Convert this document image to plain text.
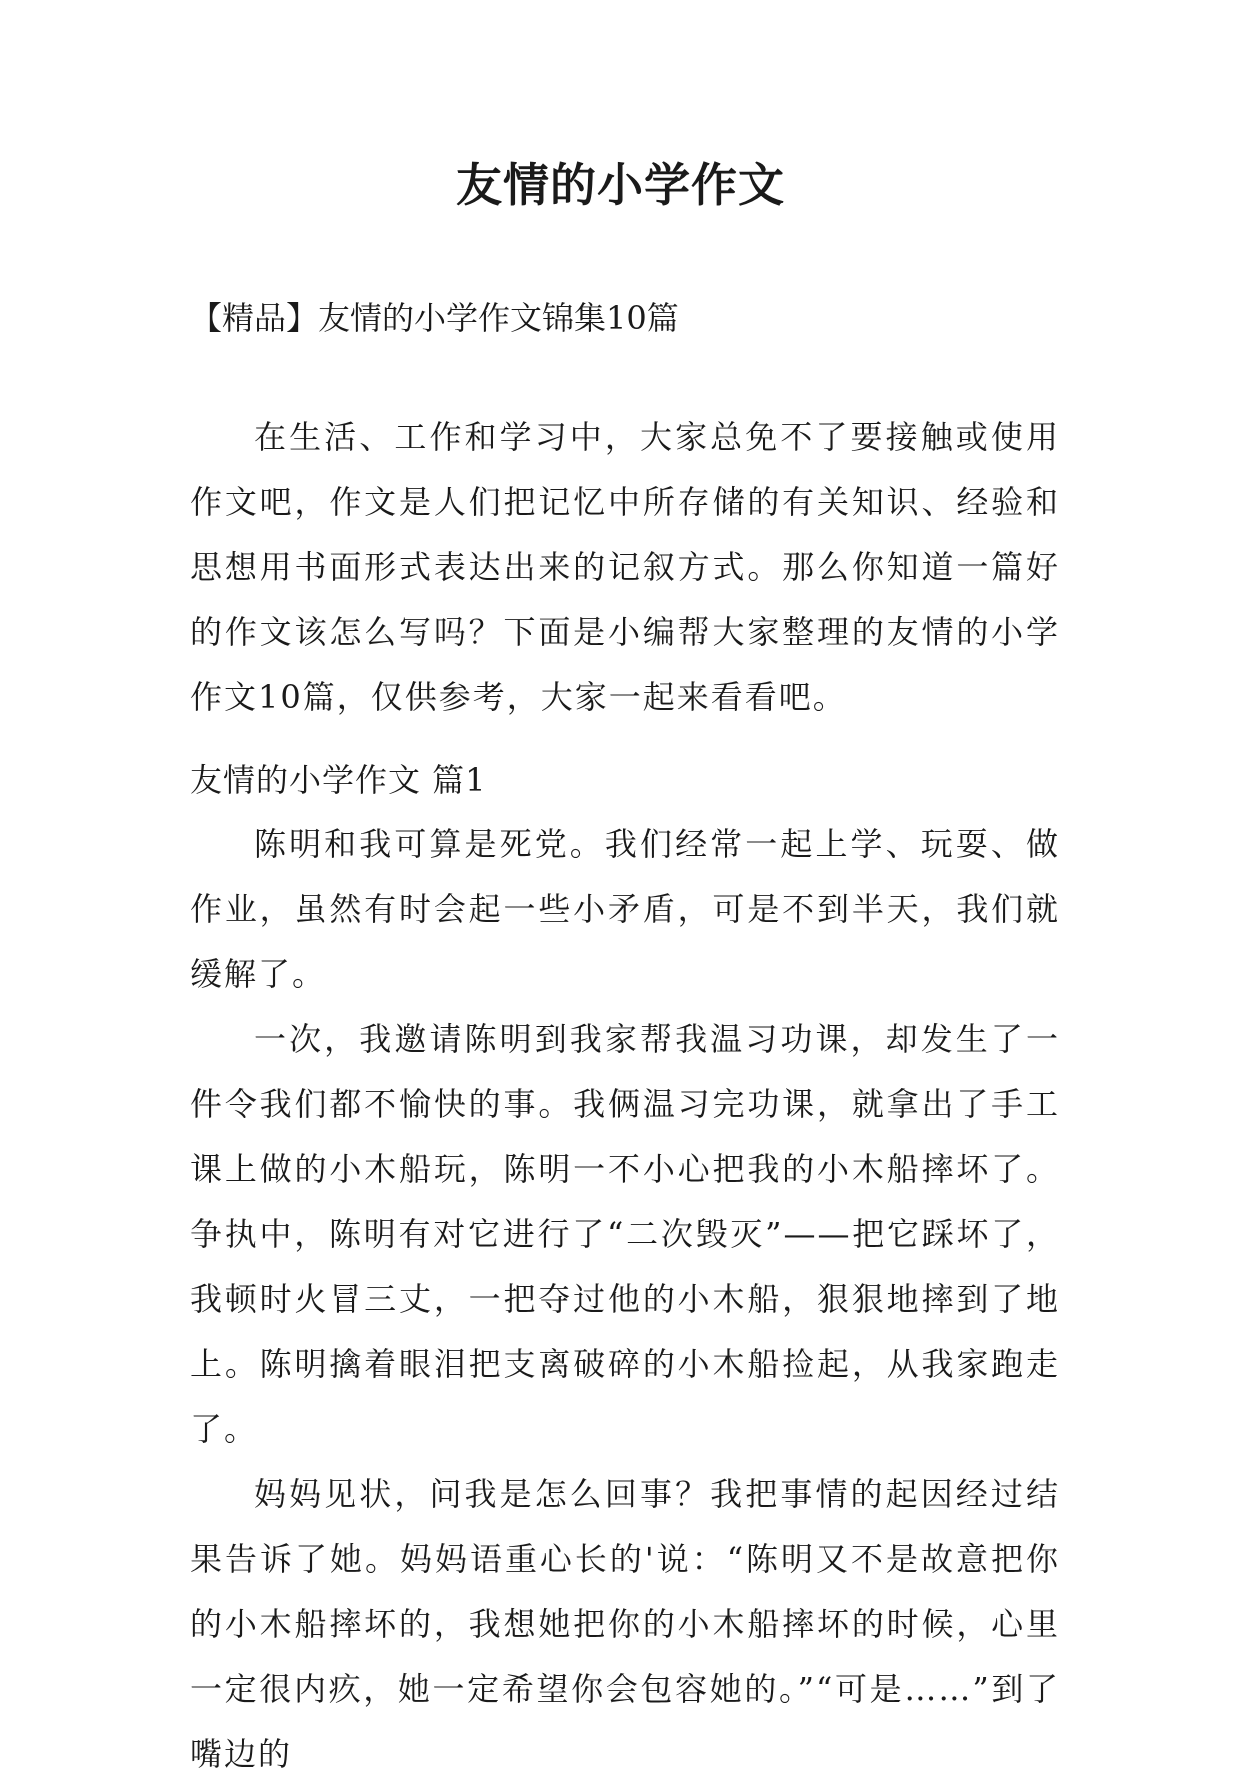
友情的小学作文

【精品】友情的小学作文锦集10篇

在生活、工作和学习中，大家总免不了要接触或使用作文吧，作文是人们把记忆中所存储的有关知识、经验和思想用书面形式表达出来的记叙方式。那么你知道一篇好的作文该怎么写吗？下面是小编帮大家整理的友情的小学作文10篇，仅供参考，大家一起来看看吧。

友情的小学作文 篇1

陈明和我可算是死党。我们经常一起上学、玩耍、做作业，虽然有时会起一些小矛盾，可是不到半天，我们就缓解了。

一次，我邀请陈明到我家帮我温习功课，却发生了一件令我们都不愉快的事。我俩温习完功课，就拿出了手工课上做的小木船玩，陈明一不小心把我的小木船摔坏了。争执中，陈明有对它进行了“二次毁灭”——把它踩坏了，我顿时火冒三丈，一把夺过他的小木船，狠狠地摔到了地上。陈明擒着眼泪把支离破碎的小木船捡起，从我家跑走了。

妈妈见状，问我是怎么回事？我把事情的起因经过结果告诉了她。妈妈语重心长的'说：“陈明又不是故意把你的小木船摔坏的，我想她把你的小木船摔坏的时候，心里一定很内疚，她一定希望你会包容她的。”“可是……”到了嘴边的
